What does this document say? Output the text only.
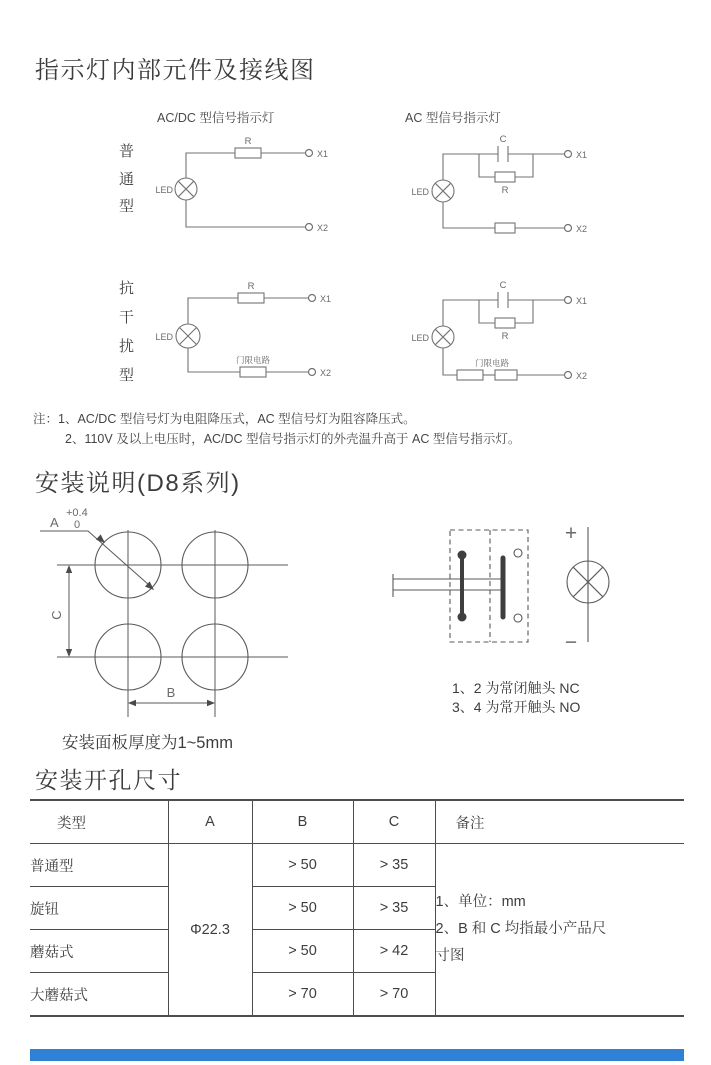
指示灯内部元件及接线图
AC/DC 型信号指示灯	AC 型信号指示灯
普通型
抗干扰型
R
X1
X2
LED
C
R
X1
X2
LED
R
X1
门限电路
X2
LED
C
R
X1
门限电路
X2
LED
注：1、AC/DC 型信号灯为电阻降压式，AC 型信号灯为阻容降压式。
2、110V 及以上电压时，AC/DC 型信号指示灯的外壳温升高于 AC 型信号指示灯。
安装说明(D8系列)
C
B
A
+0.4
0
安装面板厚度为1~5mm
+
−
1、2 为常闭触头 NC
3、4 为常开触头 NO
安装开孔尺寸
类型	A	B	C	备注
普通型	Φ22.3	> 50	> 35	1、单位：mm
2、B 和 C 均指最小产品尺寸图

旋钮		> 50	> 35	
蘑菇式		> 50	> 42	
大蘑菇式		> 70	> 70	
